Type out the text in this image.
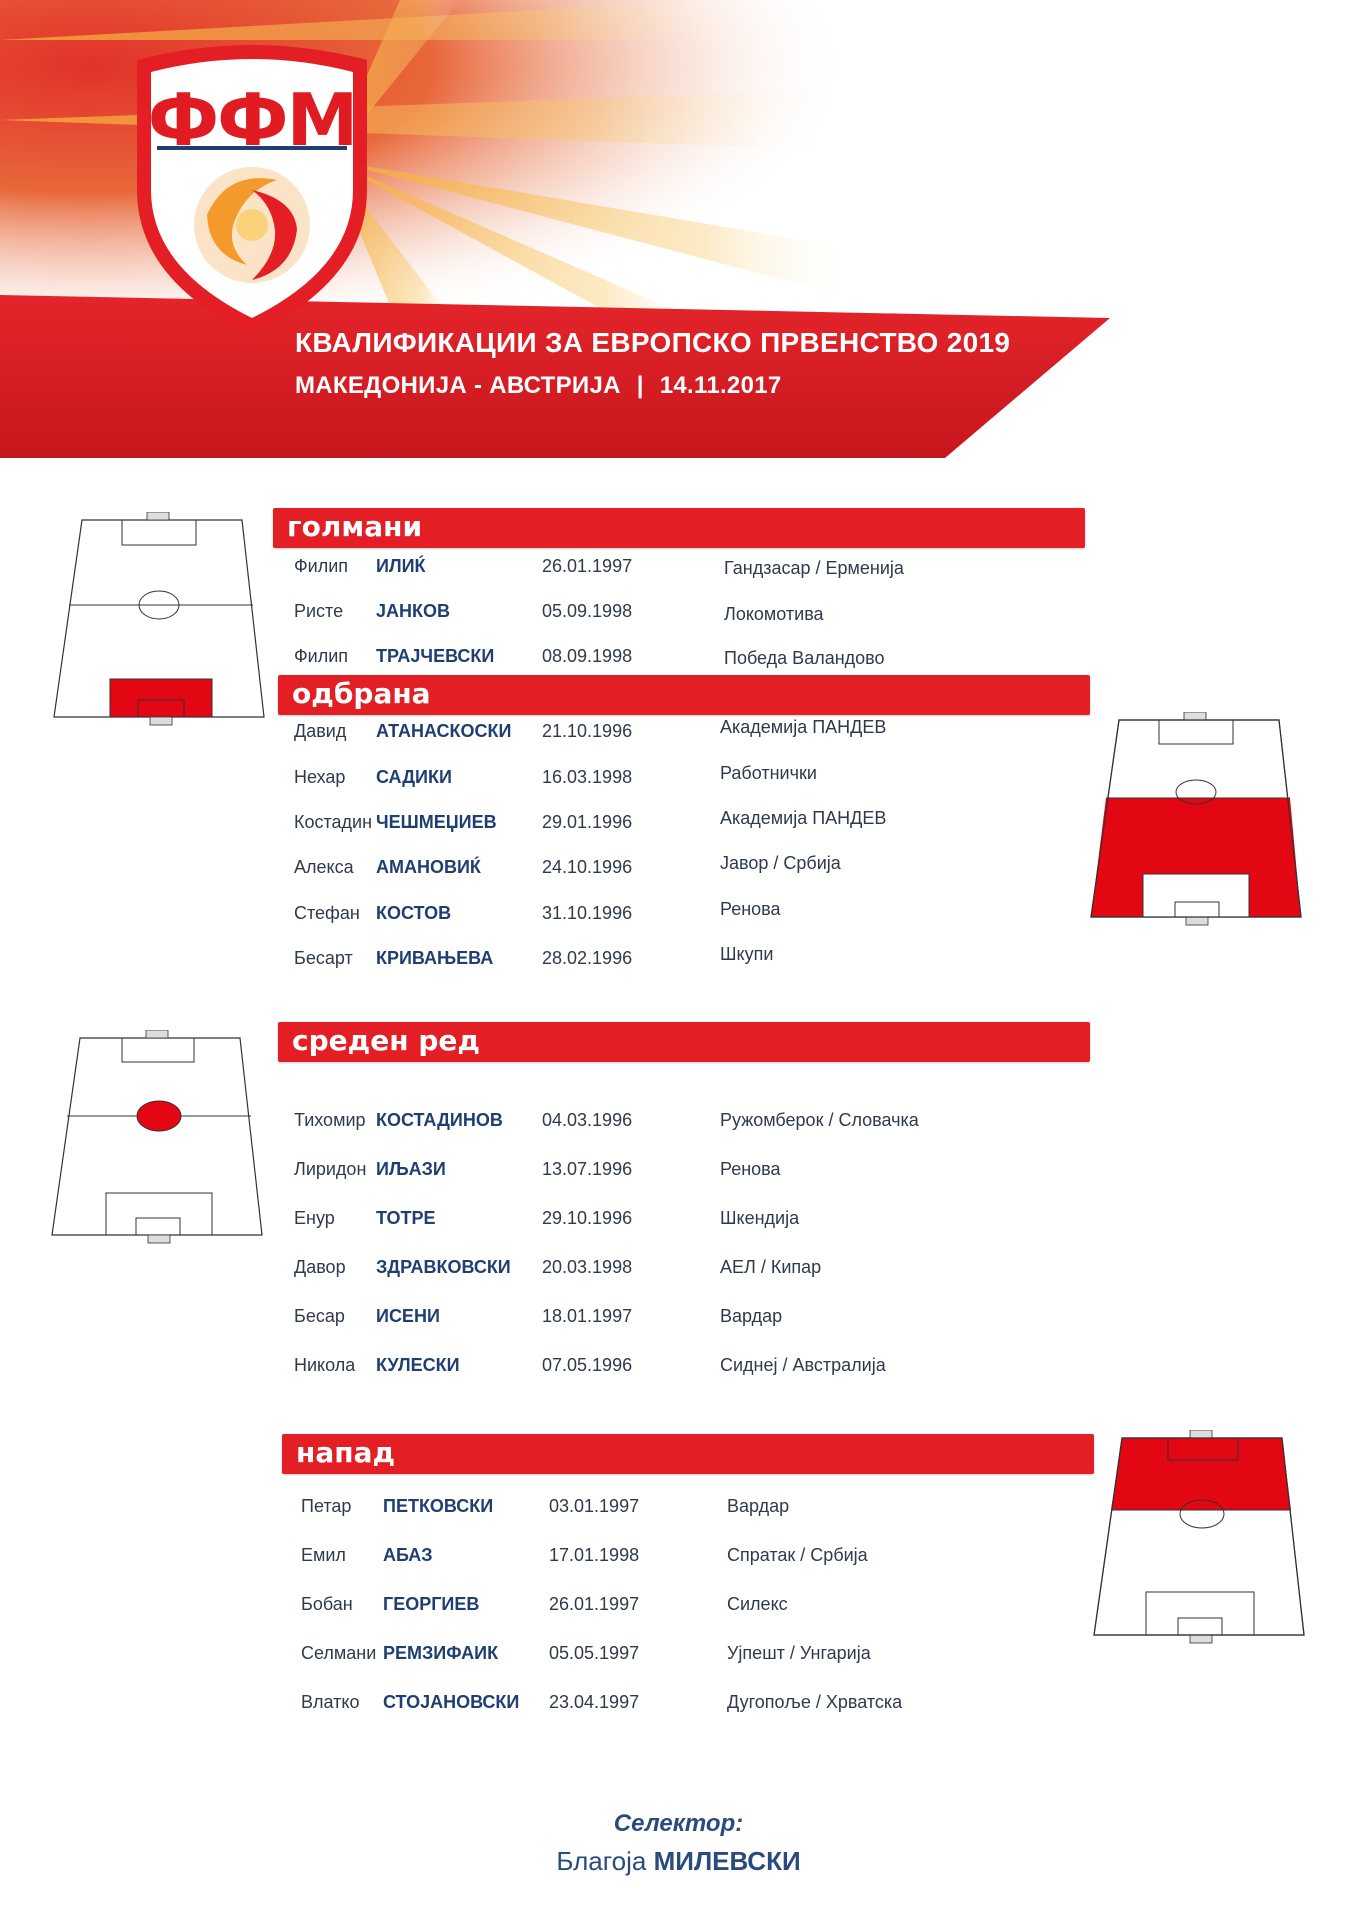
ФФМ
КВАЛИФИКАЦИИ ЗА ЕВРОПСКО ПРВЕНСТВО 2019
МАКЕДОНИЈА - АВСТРИЈА | 14.11.2017
голмани
одбрана
среден ред
напад
Филип ИЛИЌ	26.01.1997	Гандзасар / Ерменија
Ристе ЈАНКОВ	05.09.1998	Локомотива
Филип ТРАЈЧЕВСКИ	08.09.1998	Победа Валандово
Давид АТАНАСКОСКИ 21.10.1996	Академија ПАНДЕВ
Нехар САДИКИ	16.03.1998	Работнички
Костадин ЧЕШМЕЏИЕВ	29.01.1996	Академија ПАНДЕВ
Алекса АМАНОВИЌ	24.10.1996	Јавор / Србија
Стефан КОСТОВ	31.10.1996	Ренова
Бесарт КРИВАЊЕВА	28.02.1996	Шкупи
Тихомир КОСТАДИНОВ 04.03.1996	Ружомберок / Словачка
Лиридон ИЉАЗИ	13.07.1996	Ренова
Енур ТОТРЕ	29.10.1996	Шкендија
Давор ЗДРАВКОВСКИ 20.03.1998	АЕЛ / Кипар
Бесар ИСЕНИ	18.01.1997	Вардар
Никола КУЛЕСКИ	07.05.1996	Сиднеј / Австралија
Петар ПЕТКОВСКИ	03.01.1997	Вардар
Емил АБАЗ	17.01.1998	Спратак / Србија
Бобан ГЕОРГИЕВ	26.01.1997	Силекс
Селмани РЕМЗИФАИК	05.05.1997	Ујпешт / Унгарија
Влатко СТОЈАНОВСКИ 23.04.1997	Дугопоље / Хрватска
Селектор:
Благоја МИЛЕВСКИ
